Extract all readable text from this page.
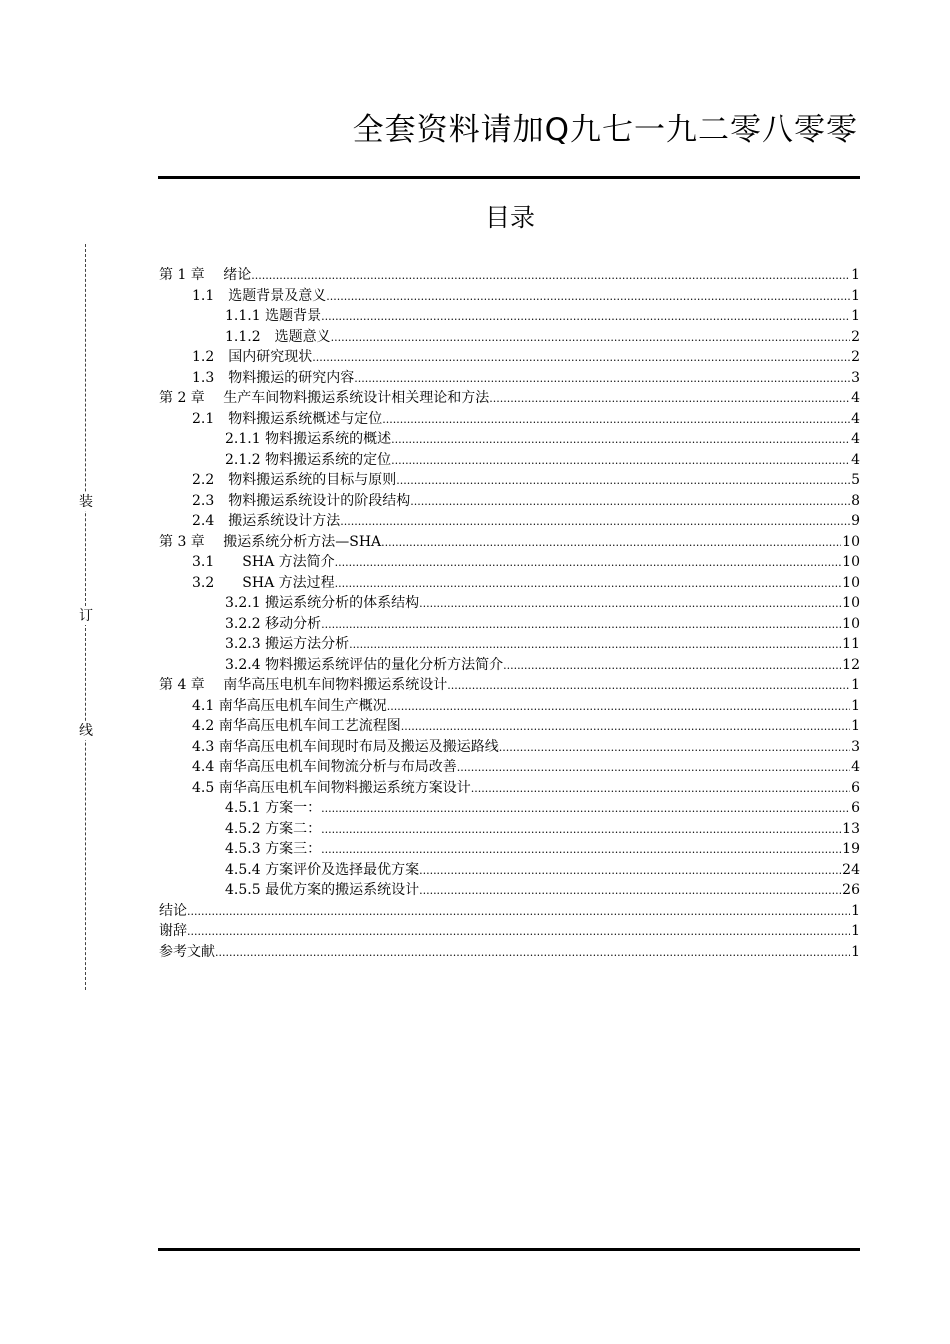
全套资料请加Q九七一九二零八零零
目录
装
订
线
第 1 章　 绪论 .....	1
1.1　选题背景及意义 .....	1
1.1.1 选题背景 .....	1
1.1.2　选题意义 .....	2
1.2　国内研究现状 .....	2
1.3　物料搬运的研究内容 .....	3
第 2 章　 生产车间物料搬运系统设计相关理论和方法 .....	4
2.1　物料搬运系统概述与定位 .....	4
2.1.1 物料搬运系统的概述 .....	4
2.1.2 物料搬运系统的定位 .....	4
2.2　物料搬运系统的目标与原则 .....	5
2.3　物料搬运系统设计的阶段结构 .....	8
2.4　搬运系统设计方法 .....	9
第 3 章　 搬运系统分析方法—SHA .....	10
3.1　　SHA 方法简介 .....	10
3.2　　SHA 方法过程 .....	10
3.2.1 搬运系统分析的体系结构 .....	10
3.2.2 移动分析 .....	10
3.2.3 搬运方法分析 .....	11
3.2.4 物料搬运系统评估的量化分析方法简介 .....	12
第 4 章　 南华高压电机车间物料搬运系统设计 .....	1
4.1 南华高压电机车间生产概况 .....	1
4.2 南华高压电机车间工艺流程图 .....	1
4.3 南华高压电机车间现时布局及搬运及搬运路线 .....	3
4.4 南华高压电机车间物流分析与布局改善 .....	4
4.5 南华高压电机车间物料搬运系统方案设计 .....	6
4.5.1 方案一： .....	6
4.5.2 方案二： .....	13
4.5.3 方案三： .....	19
4.5.4 方案评价及选择最优方案 .....	24
4.5.5 最优方案的搬运系统设计 .....	26
结论 .....	1
谢辞 .....	1
参考文献 .....	1
